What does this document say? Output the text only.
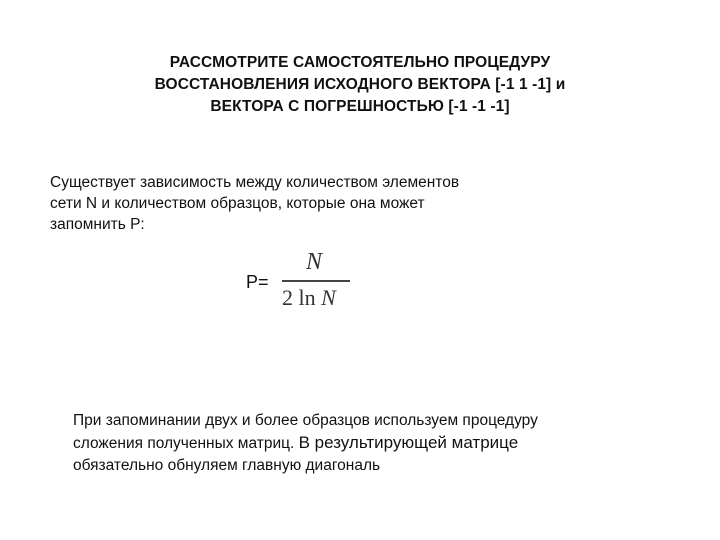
РАССМОТРИТЕ САМОСТОЯТЕЛЬНО ПРОЦЕДУРУ
ВОССТАНОВЛЕНИЯ ИСХОДНОГО ВЕКТОРА [-1 1 -1] и
ВЕКТОРА С ПОГРЕШНОСТЬЮ [-1 -1 -1]
Существует зависимость между количеством элементов
сети N и количеством образцов, которые она может
запомнить P:
P=
N
2 ln N
При запоминании двух и более образцов используем процедуру
сложения полученных матриц. В результирующей матрице
обязательно обнуляем главную диагональ
